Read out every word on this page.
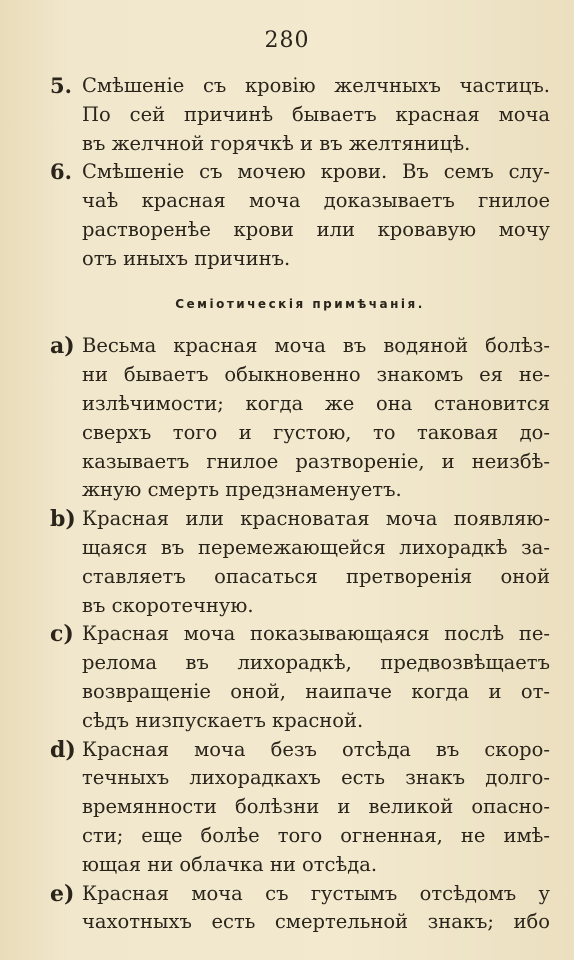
280
5. Смѣшеніе съ кровію желчныхъ частицъ.
По сей причинѣ бываетъ красная моча
въ желчной горячкѣ и въ желтяницѣ.
6. Смѣшеніе съ мочею крови. Въ семъ слу-
чаѣ красная моча доказываетъ гнилое
растворенѣе крови или кровавую мочу
отъ иныхъ причинъ.
Семіотическія примѣчанія.
a) Весьма красная моча въ водяной болѣз-
ни бываетъ обыкновенно знакомъ ея не-
излѣчимости; когда же она становится
сверхъ того и густою, то таковая до-
казываетъ гнилое разтвореніе, и неизбѣ-
жную смерть предзнаменуетъ.
b) Красная или красноватая моча появляю-
щаяся въ перемежающейся лихорадкѣ за-
ставляетъ опасаться претворенія оной
въ скоротечную.
c) Красная моча показывающаяся послѣ пе-
релома въ лихорадкѣ, предвозвѣщаетъ
возвращеніе оной, наипаче когда и от-
сѣдъ низпускаетъ красной.
d) Красная моча безъ отсѣда въ скоро-
течныхъ лихорадкахъ есть знакъ долго-
времянности болѣзни и великой опасно-
сти; еще болѣе того огненная, не имѣ-
ющая ни облачка ни отсѣда.
e) Красная моча съ густымъ отсѣдомъ у
чахотныхъ есть смертельной знакъ; ибо
